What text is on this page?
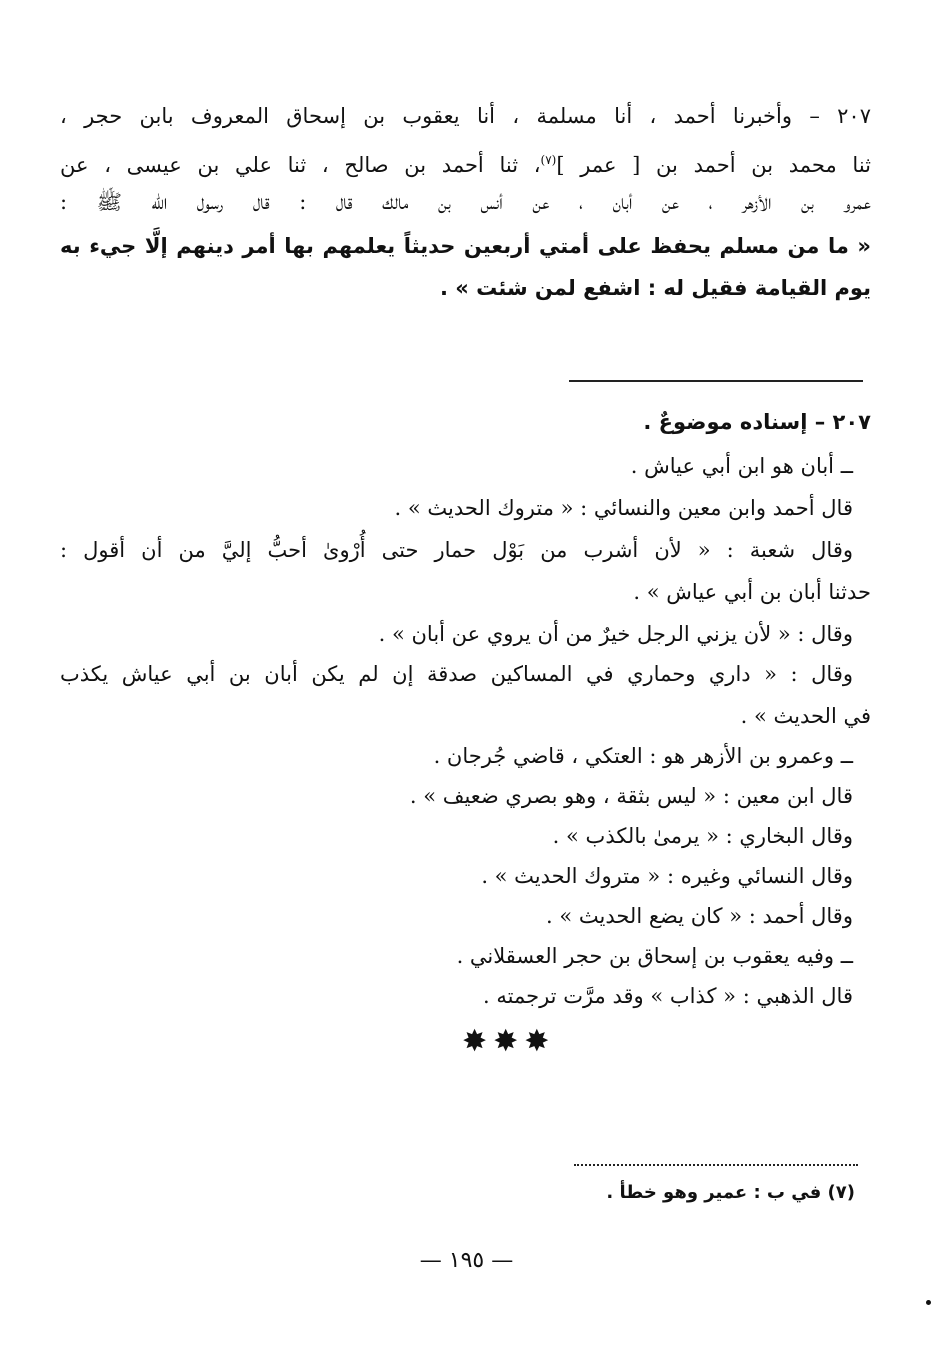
٢٠٧ – وأخبرنا أحمد ، أنا مسلمة ، أنا يعقوب بن إسحاق المعروف بابن حجر ،
ثنا محمد بن أحمد بن [ عمر ]$^{(٧)}$، ثنا أحمد بن صالح ، ثنا علي بن عيسى ، عن
عمرو بن الأزهر ، عن أبان ، عن أنس بن مالك قال : قال رسول الله ﷺ :
« ما من مسلم يحفظ على أمتي أربعين حديثاً يعلمهم بها أمر دينهم إلَّا جيء به
يوم القيامة فقيل له : اشفع لمن شئت » .
٢٠٧ – إسناده موضوعٌ .
ــ أبان هو ابن أبي عياش .
قال أحمد وابن معين والنسائي : « متروك الحديث » .
وقال شعبة : « لأن أشرب من بَوْل حمار حتى أُرْوىٰ أحبُّ إليَّ من أن أقول :
حدثنا أبان بن أبي عياش » .
وقال : « لأن يزني الرجل خيرٌ من أن يروي عن أبان » .
وقال : « داري وحماري في المساكين صدقة إن لم يكن أبان بن أبي عياش يكذب
في الحديث » .
ــ وعمرو بن الأزهر هو : العتكي ، قاضي جُرجان .
قال ابن معين : « ليس بثقة ، وهو بصري ضعيف » .
وقال البخاري : « يرمىٰ بالكذب » .
وقال النسائي وغيره : « متروك الحديث » .
وقال أحمد : « كان يضع الحديث » .
ــ وفيه يعقوب بن إسحاق بن حجر العسقلاني .
قال الذهبي : « كذاب » وقد مرَّت ترجمته .
✸✸✸
(٧) في ب : عمير وهو خطأ .
— ١٩٥ —
